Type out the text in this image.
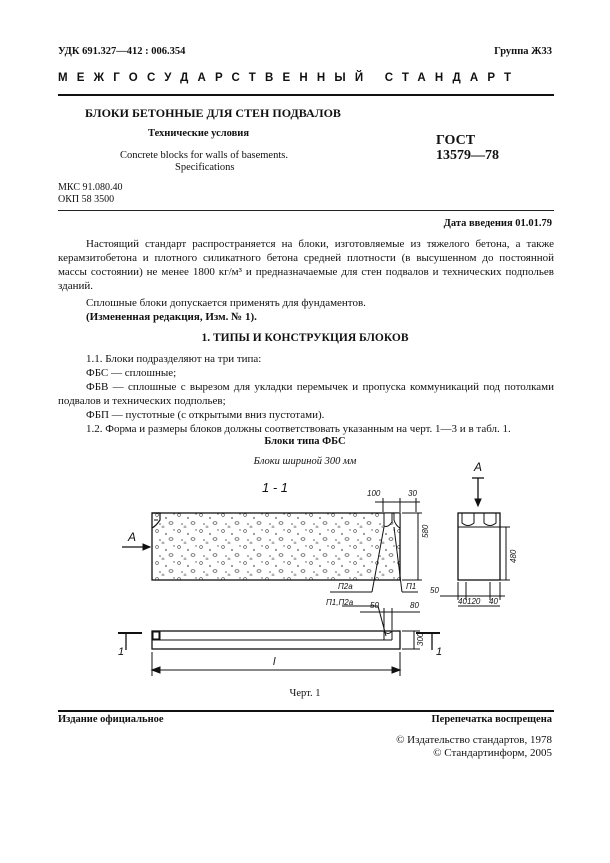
УДК 691.327—412 : 006.354	Группа Ж33
МЕЖГОСУДАРСТВЕННЫЙ СТАНДАРТ
БЛОКИ БЕТОННЫЕ ДЛЯ СТЕН ПОДВАЛОВ
Технические условия
Concrete blocks for walls of basements.
Specifications
ГОСТ
13579—78
МКС 91.080.40
ОКП 58 3500
Дата введения 01.01.79
Настоящий стандарт распространяется на блоки, изготовляемые из тяжелого бетона, а также керамзитобетона и плотного силикатного бетона средней плотности (в высушенном до постоянной массы состоянии) не менее 1800 кг/м³ и предназначаемые для стен подвалов и технических подпольев зданий.
Сплошные блоки допускается применять для фундаментов.
(Измененная редакция, Изм. № 1).
1. ТИПЫ И КОНСТРУКЦИЯ БЛОКОВ
1.1. Блоки подразделяют на три типа:
ФБС — сплошные;
ФБВ — сплошные с вырезом для укладки перемычек и пропуска коммуникаций под потолками подвалов и технических подпольев;
ФБП — пустотные (с открытыми вниз пустотами).
1.2. Форма и размеры блоков должны соответствовать указанным на черт. 1—3 и в табл. 1.
Блоки типа ФБС
Блоки шириной 300 мм
1 - 1
A
A
100	30
580
480
50
40 120 40
П2а	П1
П1,П2а 50	80
300
l
1	1
Черт. 1
Издание официальное	Перепечатка воспрещена
© Издательство стандартов, 1978
© Стандартинформ, 2005
